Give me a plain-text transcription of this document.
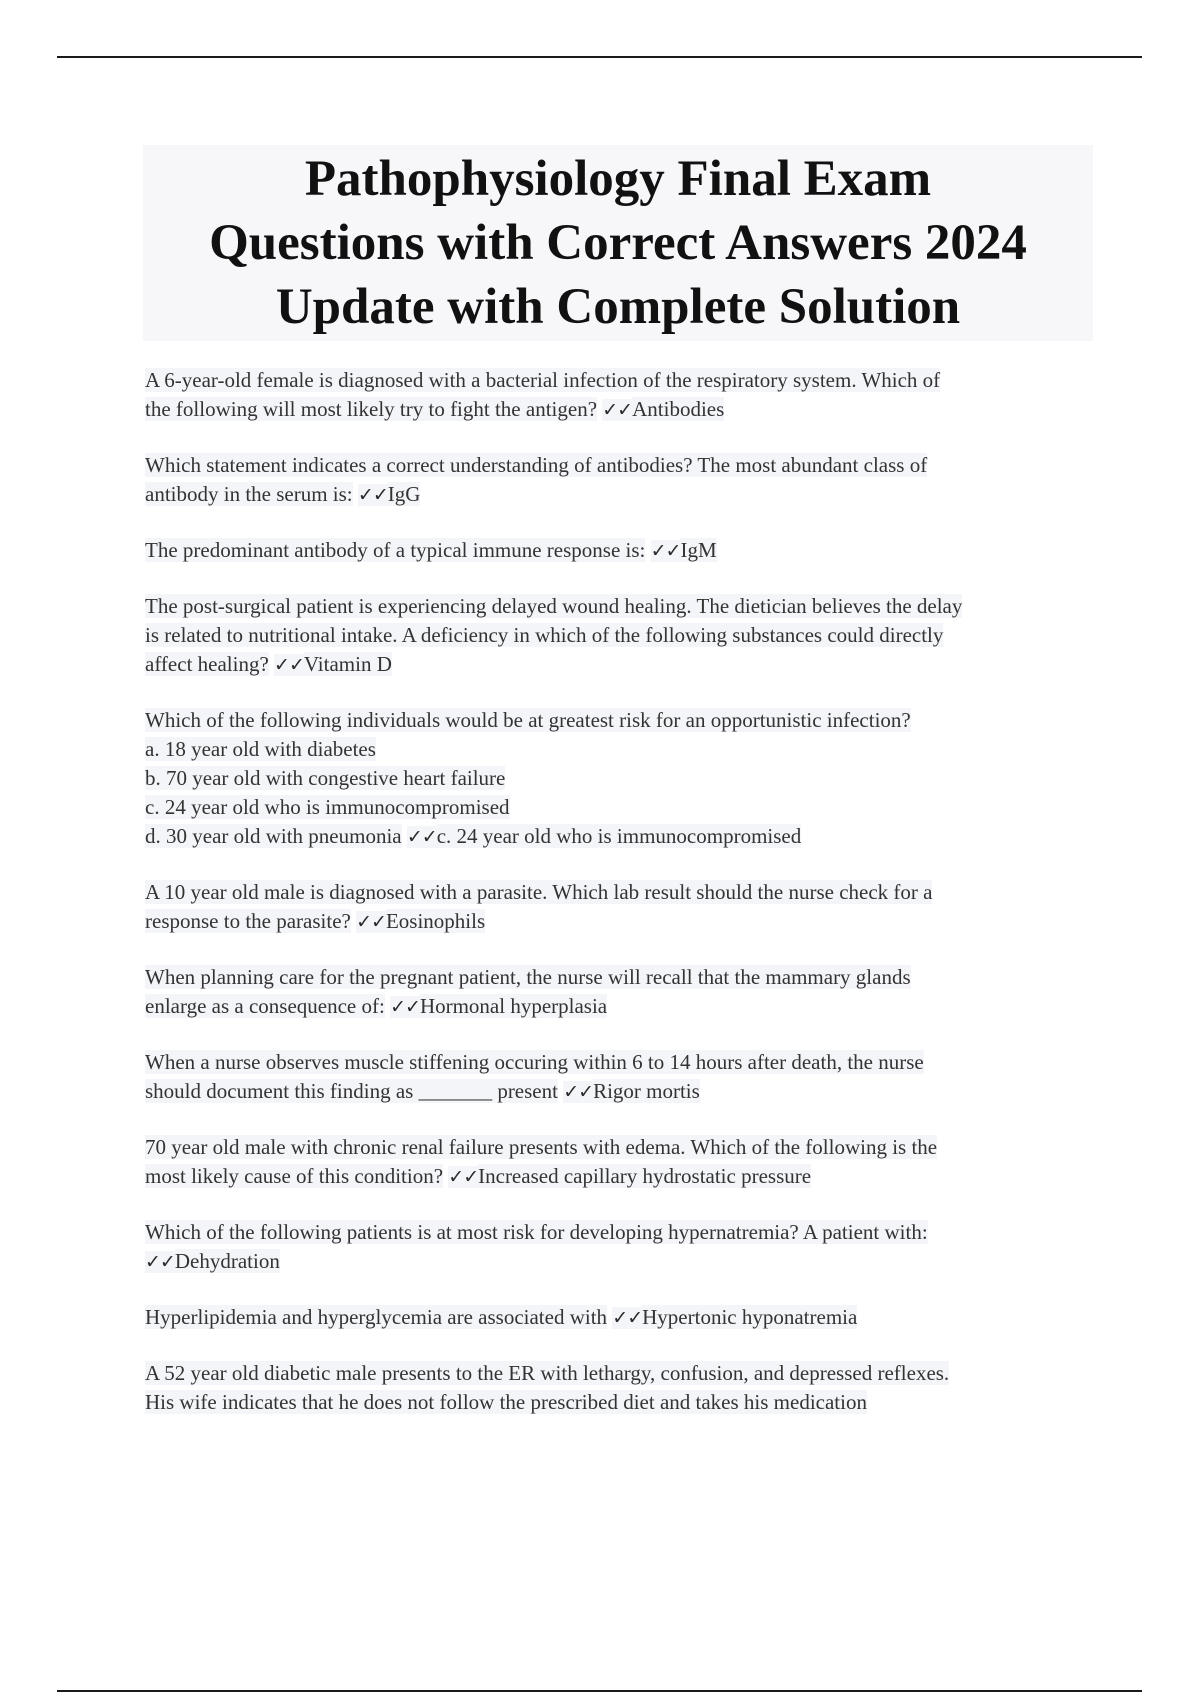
Pathophysiology Final Exam
Questions with Correct Answers 2024
Update with Complete Solution
A 6-year-old female is diagnosed with a bacterial infection of the respiratory system. Which of
the following will most likely try to fight the antigen? ✓✓Antibodies
Which statement indicates a correct understanding of antibodies? The most abundant class of
antibody in the serum is: ✓✓IgG
The predominant antibody of a typical immune response is: ✓✓IgM
The post-surgical patient is experiencing delayed wound healing. The dietician believes the delay
is related to nutritional intake. A deficiency in which of the following substances could directly
affect healing? ✓✓Vitamin D
Which of the following individuals would be at greatest risk for an opportunistic infection?
a. 18 year old with diabetes
b. 70 year old with congestive heart failure
c. 24 year old who is immunocompromised
d. 30 year old with pneumonia ✓✓c. 24 year old who is immunocompromised
A 10 year old male is diagnosed with a parasite. Which lab result should the nurse check for a
response to the parasite? ✓✓Eosinophils
When planning care for the pregnant patient, the nurse will recall that the mammary glands
enlarge as a consequence of: ✓✓Hormonal hyperplasia
When a nurse observes muscle stiffening occuring within 6 to 14 hours after death, the nurse
should document this finding as _______ present ✓✓Rigor mortis
70 year old male with chronic renal failure presents with edema. Which of the following is the
most likely cause of this condition? ✓✓Increased capillary hydrostatic pressure
Which of the following patients is at most risk for developing hypernatremia? A patient with:
✓✓Dehydration
Hyperlipidemia and hyperglycemia are associated with ✓✓Hypertonic hyponatremia
A 52 year old diabetic male presents to the ER with lethargy, confusion, and depressed reflexes.
His wife indicates that he does not follow the prescribed diet and takes his medication
